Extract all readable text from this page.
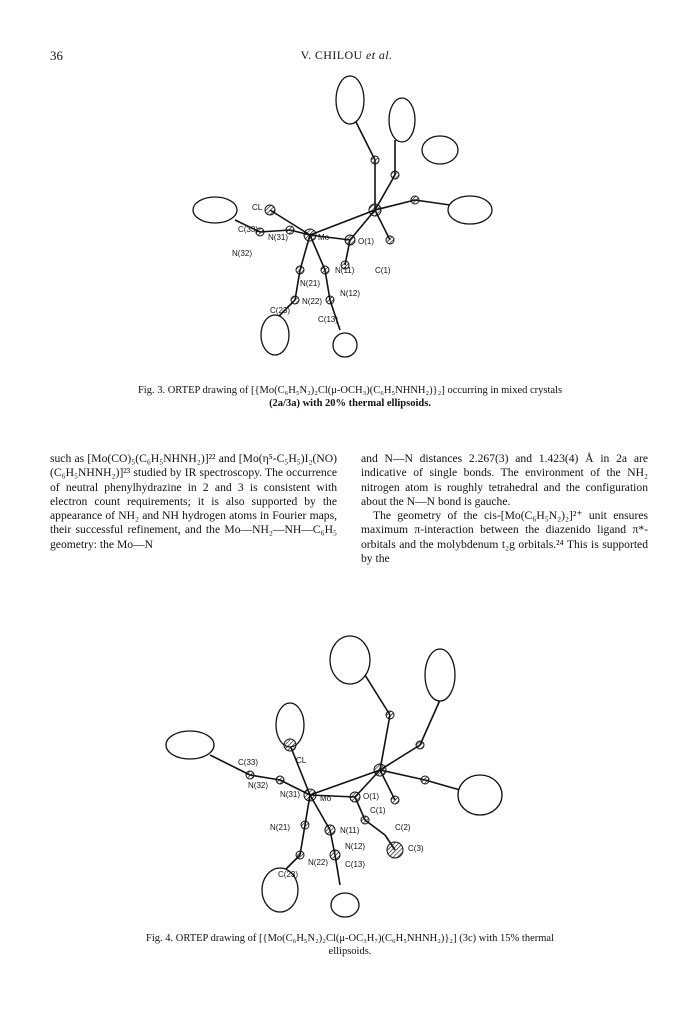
36	V. CHILOU et al.
CL
C(33)
N(31)	Mo	O(1)
N(32)
N(11)	C(1)
N(21)
N(12)
N(22)
C(23)
C(13)
Fig. 3. ORTEP drawing of [{Mo(C₆H₅N₂)₂Cl(μ-OCH₃)(C₆H₅NHNH₂)}₂] occurring in mixed crystals
(2a/3a) with 20% thermal ellipsoids.

such as [Mo(CO)₅(C₆H₅NHNH₂)]²² and [Mo(η⁵-C₅H₅)I₂(NO)(C₆H₅NHNH₂)]²³ studied by IR spectroscopy. The occurrence of neutral phenylhydrazine in 2 and 3 is consistent with electron count requirements; it is also supported by the appearance of NH₂ and NH hydrogen atoms in Fourier maps, their successful refinement, and the Mo—NH₂—NH—C₆H₅ geometry: the Mo—N

and N—N distances 2.267(3) and 1.423(4) Å in 2a are indicative of single bonds. The environment of the NH₂ nitrogen atom is roughly tetrahedral and the configuration about the N—N bond is gauche.

The geometry of the cis-[Mo(C₆H₅N₂)₂]²⁺ unit ensures maximum π-interaction between the diazenido ligand π*-orbitals and the molybdenum t₂g orbitals.²⁴ This is supported by the

CL
C(33)
N(32)
N(31) Mo	O(1)
C(1)
N(21)	N(11)	C(2)
N(12)	C(3)
N(22) C(13)
C(23)
Fig. 4. ORTEP drawing of [{Mo(C₆H₅N₂)₂Cl(μ-OC₃H₇)(C₆H₅NHNH₂)}₂] (3c) with 15% thermal
ellipsoids.
